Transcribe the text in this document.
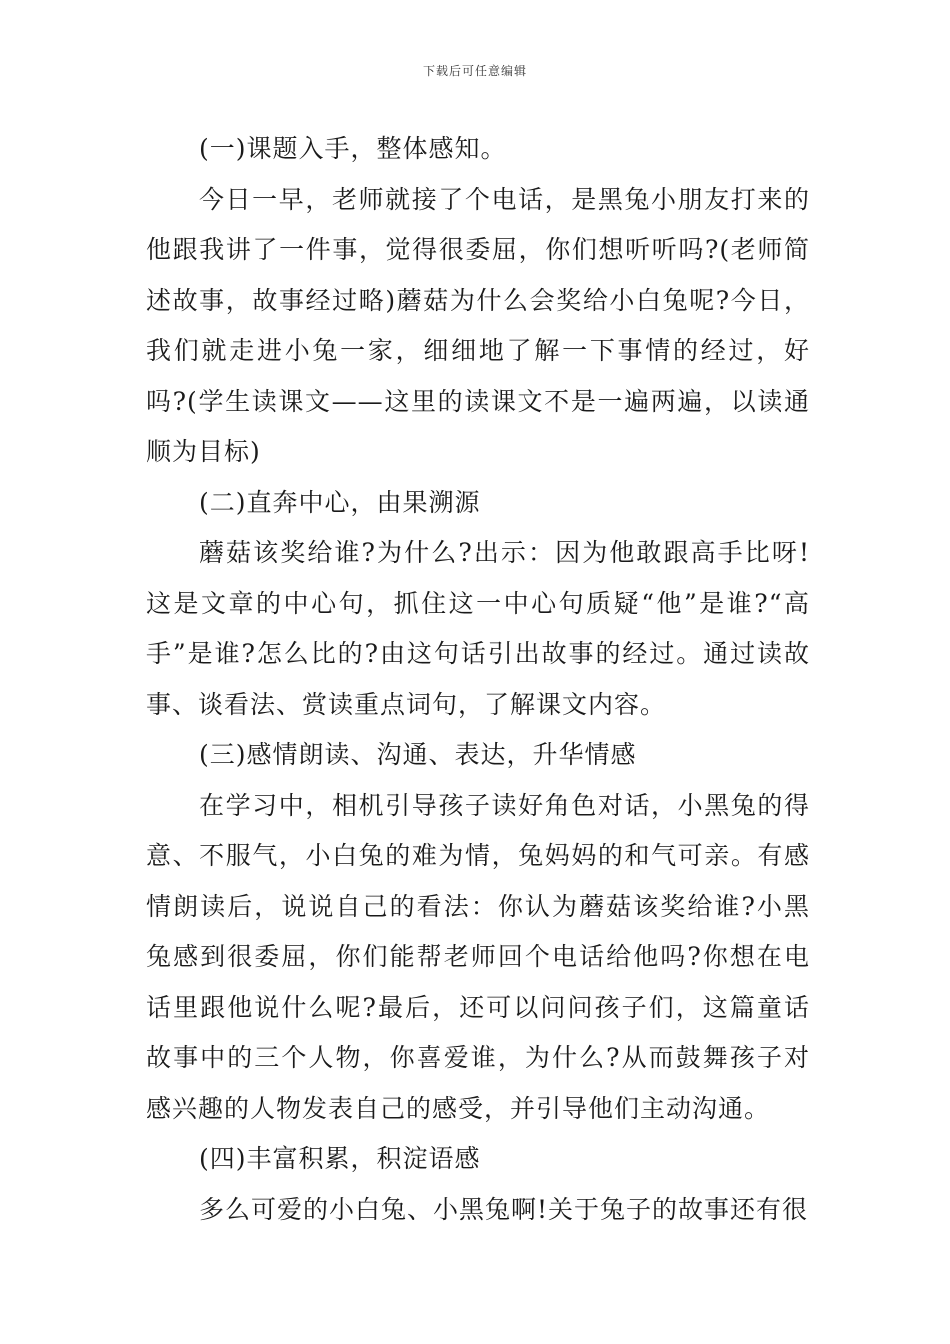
下载后可任意编辑

(一)课题入手，整体感知。

今日一早，老师就接了个电话，是黑兔小朋友打来的他跟我讲了一件事，觉得很委屈，你们想听听吗?(老师简述故事，故事经过略)蘑菇为什么会奖给小白兔呢?今日，我们就走进小兔一家，细细地了解一下事情的经过，好吗?(学生读课文——这里的读课文不是一遍两遍，以读通顺为目标)

(二)直奔中心，由果溯源

蘑菇该奖给谁?为什么?出示：因为他敢跟高手比呀!这是文章的中心句，抓住这一中心句质疑“他”是谁?“高手”是谁?怎么比的?由这句话引出故事的经过。通过读故事、谈看法、赏读重点词句，了解课文内容。

(三)感情朗读、沟通、表达，升华情感

在学习中，相机引导孩子读好角色对话，小黑兔的得意、不服气，小白兔的难为情，兔妈妈的和气可亲。有感情朗读后，说说自己的看法：你认为蘑菇该奖给谁?小黑兔感到很委屈，你们能帮老师回个电话给他吗?你想在电话里跟他说什么呢?最后，还可以问问孩子们，这篇童话故事中的三个人物，你喜爱谁，为什么?从而鼓舞孩子对感兴趣的人物发表自己的感受，并引导他们主动沟通。

(四)丰富积累，积淀语感

多么可爱的小白兔、小黑兔啊!关于兔子的故事还有很
